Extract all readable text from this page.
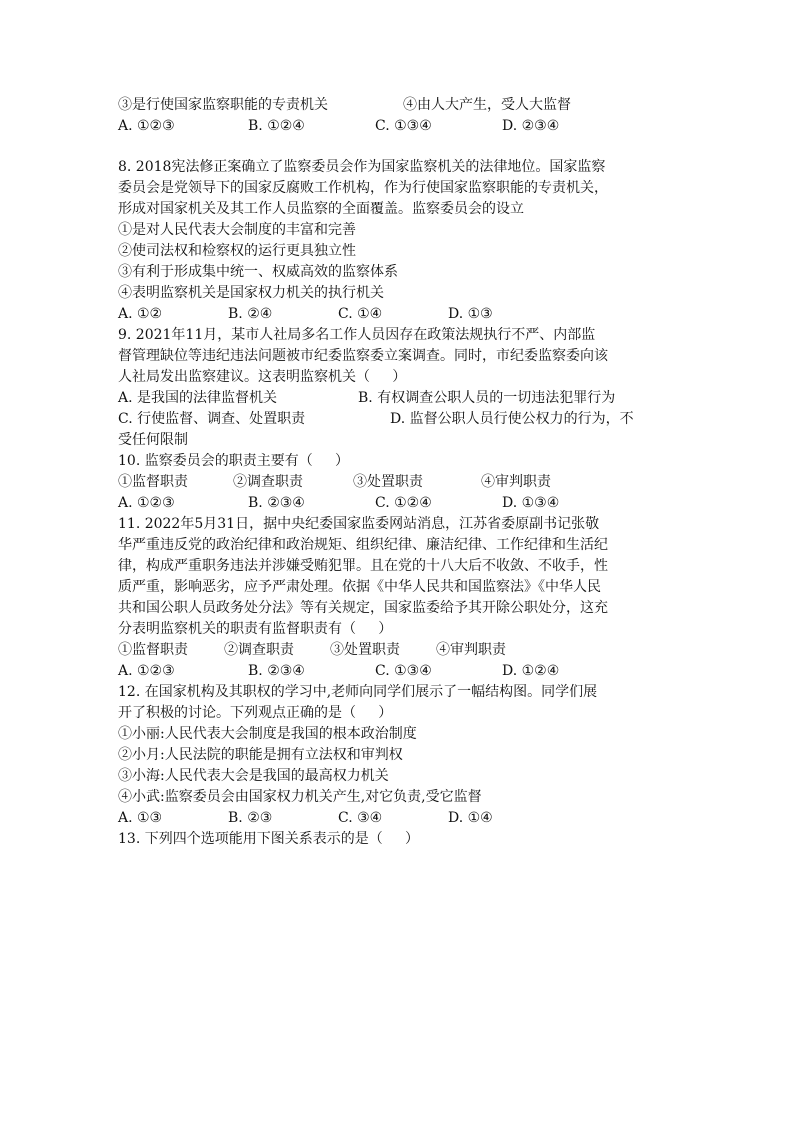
③是行使国家监察职能的专责机关	④由人大产生，受人大监督
A. ①②③	B. ①②④	C. ①③④	D. ②③④
8. 2018宪法修正案确立了监察委员会作为国家监察机关的法律地位。国家监察
委员会是党领导下的国家反腐败工作机构，作为行使国家监察职能的专责机关，
形成对国家机关及其工作人员监察的全面覆盖。监察委员会的设立
①是对人民代表大会制度的丰富和完善
②使司法权和检察权的运行更具独立性
③有利于形成集中统一、权威高效的监察体系
④表明监察机关是国家权力机关的执行机关
A. ①②	B. ②④	C. ①④	D. ①③
9. 2021年11月，某市人社局多名工作人员因存在政策法规执行不严、内部监
督管理缺位等违纪违法问题被市纪委监察委立案调查。同时，市纪委监察委向该
人社局发出监察建议。这表明监察机关（     ）
A. 是我国的法律监督机关	B. 有权调查公职人员的一切违法犯罪行为
C. 行使监督、调查、处置职责	D. 监督公职人员行使公权力的行为，不
受任何限制
10. 监察委员会的职责主要有（     ）
①监督职责	②调查职责	③处置职责	④审判职责
A. ①②③	B. ②③④	C. ①②④	D. ①③④
11. 2022年5月31日，据中央纪委国家监委网站消息，江苏省委原副书记张敬
华严重违反党的政治纪律和政治规矩、组织纪律、廉洁纪律、工作纪律和生活纪
律，构成严重职务违法并涉嫌受贿犯罪。且在党的十八大后不收敛、不收手，性
质严重，影响恶劣，应予严肃处理。依据《中华人民共和国监察法》《中华人民
共和国公职人员政务处分法》等有关规定，国家监委给予其开除公职处分，这充
分表明监察机关的职责有监督职责有（     ）
①监督职责	②调查职责	③处置职责	④审判职责
A. ①②③	B. ②③④	C. ①③④	D. ①②④
12. 在国家机构及其职权的学习中,老师向同学们展示了一幅结构图。同学们展
开了积极的讨论。下列观点正确的是（     ）
①小丽:人民代表大会制度是我国的根本政治制度
②小月:人民法院的职能是拥有立法权和审判权
③小海:人民代表大会是我国的最高权力机关
④小武:监察委员会由国家权力机关产生,对它负责,受它监督
A. ①③	B. ②③	C. ③④	D. ①④
13. 下列四个选项能用下图关系表示的是（     ）
